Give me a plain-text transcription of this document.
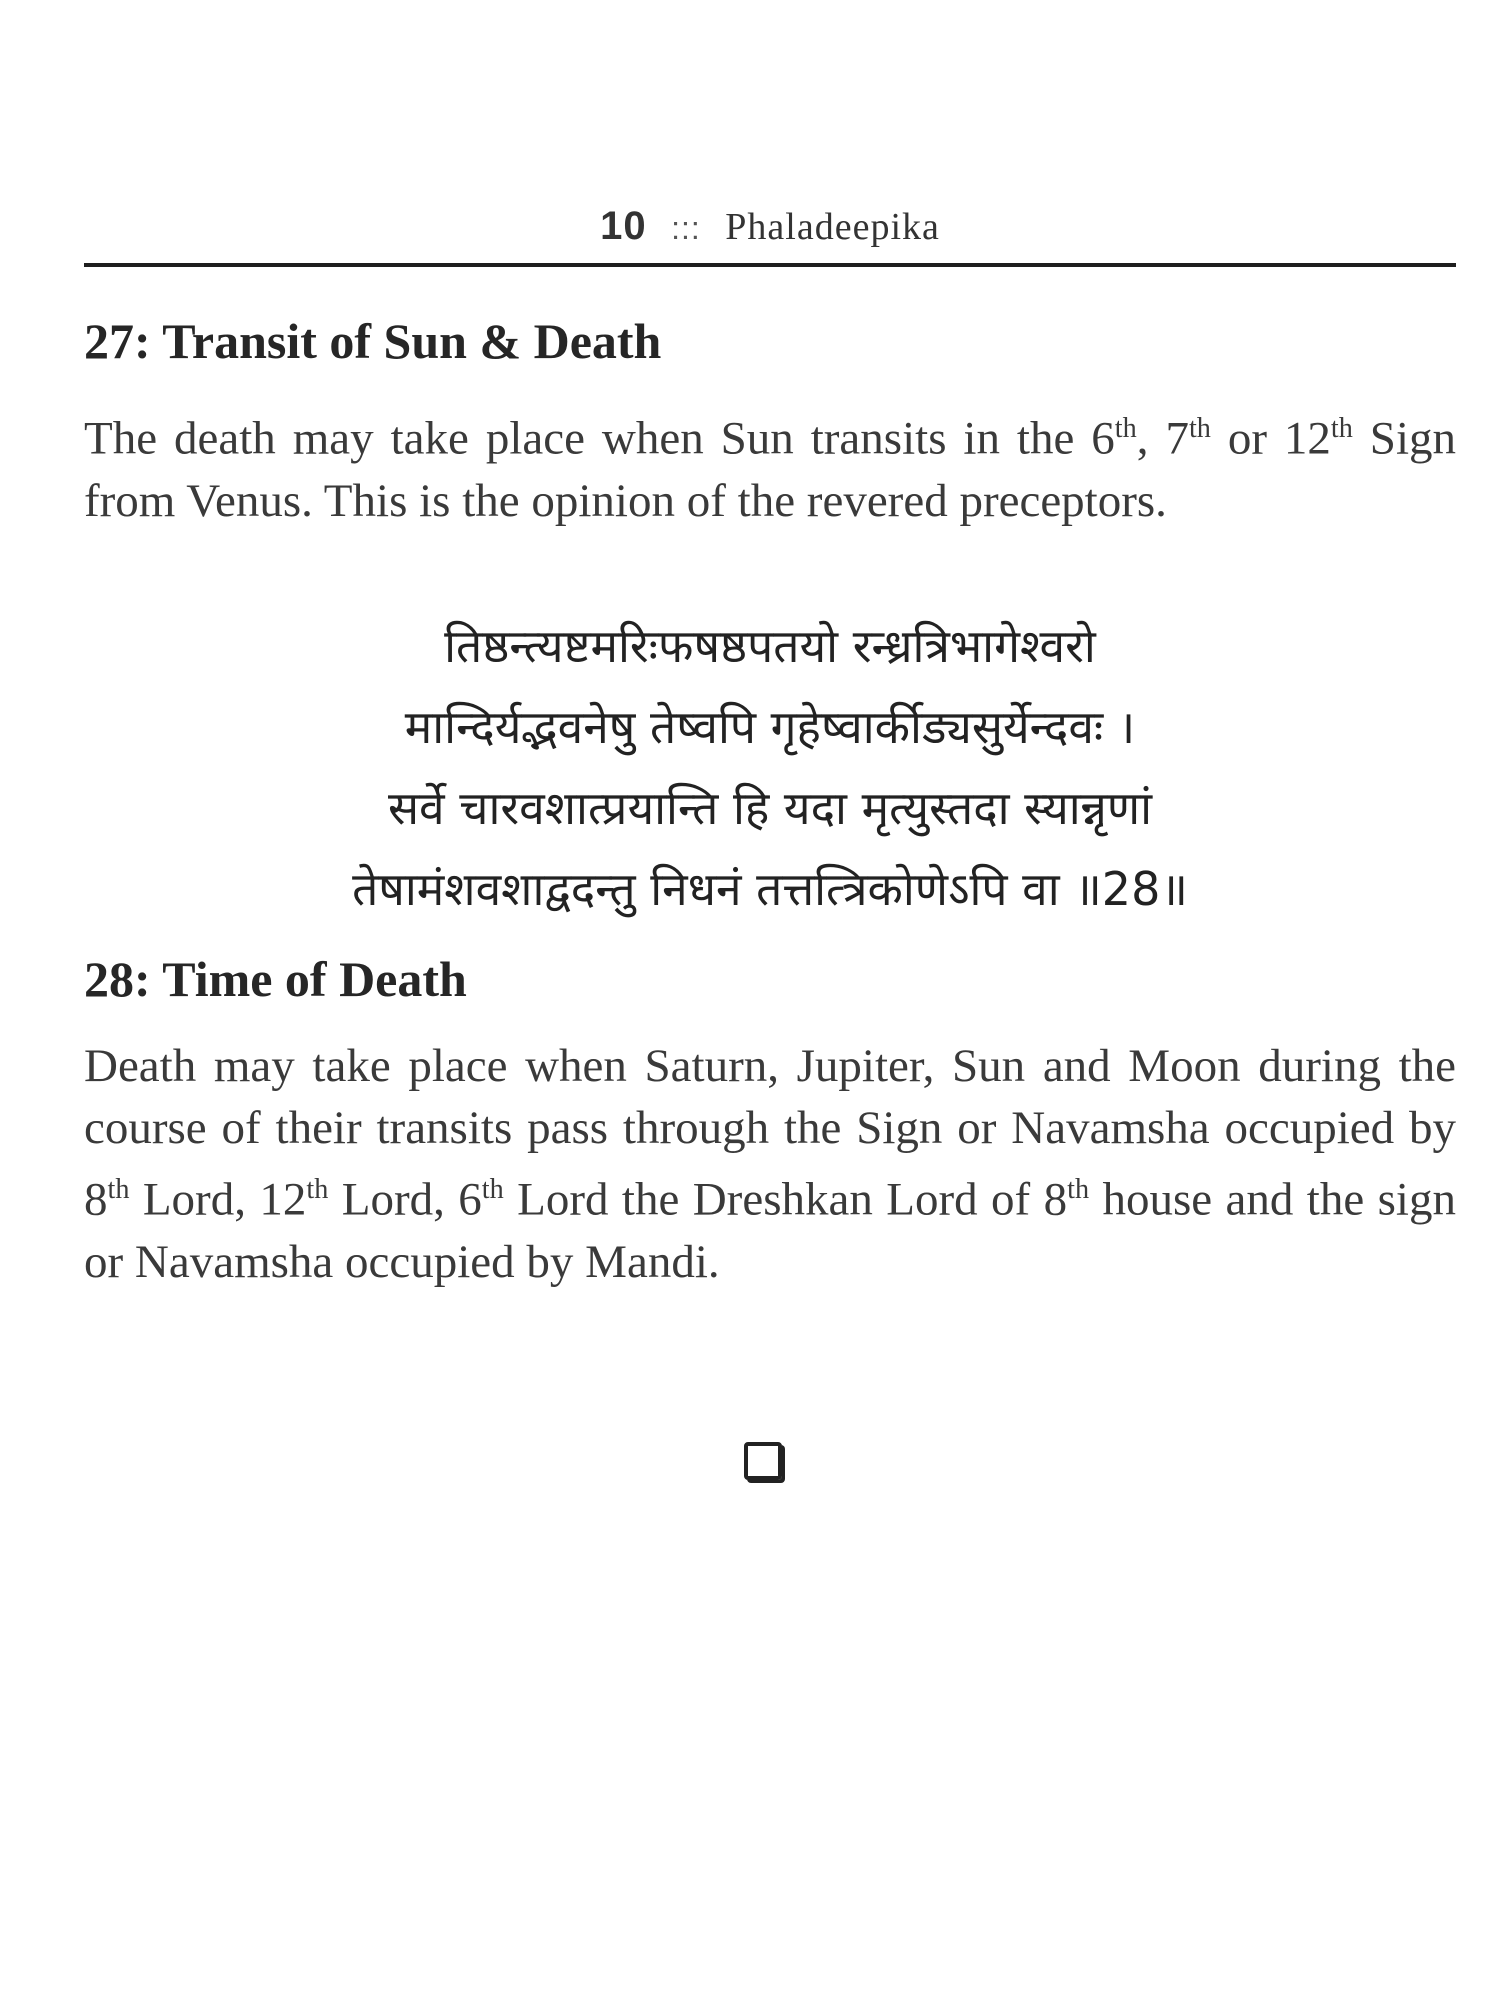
10 ::: Phaladeepika
27: Transit of Sun & Death

The death may take place when Sun transits in the 6th, 7th or 12th Sign from Venus. This is the opinion of the revered preceptors.

तिष्ठन्त्यष्टमरिःफषष्ठपतयो रन्ध्रत्रिभागेश्वरो
मान्दिर्यद्भवनेषु तेष्वपि गृहेष्वार्कीड्यसुर्येन्दवः ।
सर्वे चारवशात्प्रयान्ति हि यदा मृत्युस्तदा स्यान्नृणां
तेषामंशवशाद्वदन्तु निधनं तत्तत्त्रिकोणेऽपि वा ॥28॥
28: Time of Death

Death may take place when Saturn, Jupiter, Sun and Moon during the course of their transits pass through the Sign or Navamsha occupied by 8th Lord, 12th Lord, 6th Lord the Dreshkan Lord of 8th house and the sign or Navamsha occupied by Mandi.
